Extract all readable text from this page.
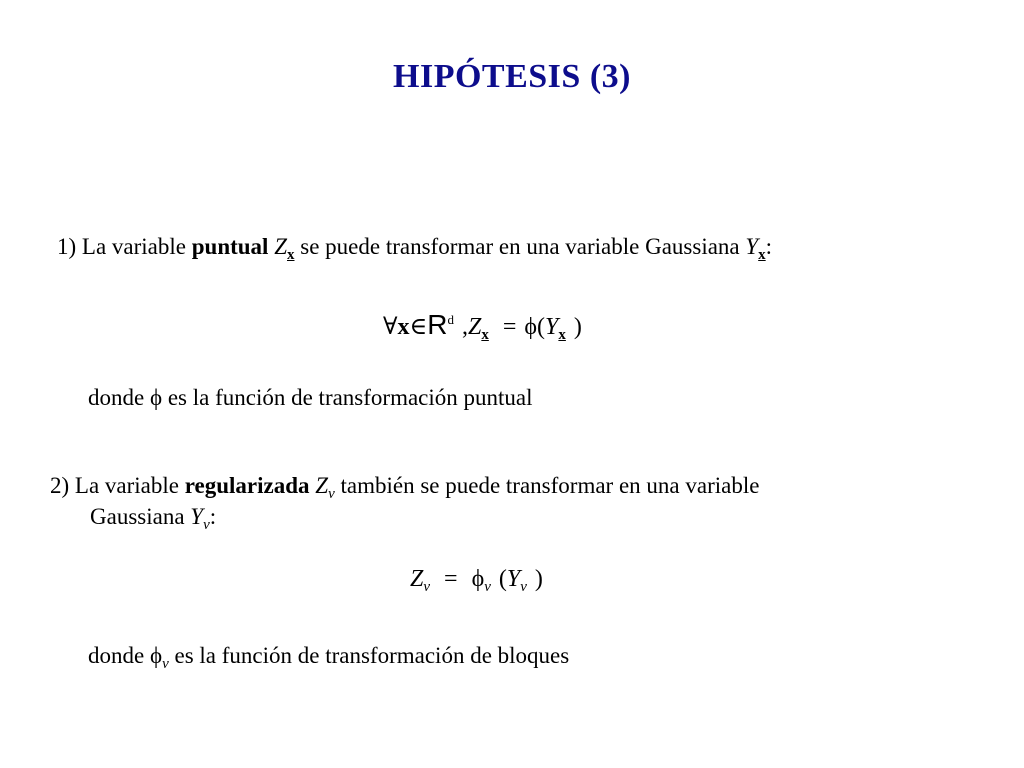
HIPÓTESIS (3)
1) La variable puntual $Z_x$ se puede transformar en una variable Gaussiana $Y_x$:
$\forall x\in R^d$ $,Z_x = \phi(Y_x$ )
donde ϕ es la función de transformación puntual
2) La variable regularizada $Z_v$ también se puede transformar en una variable
Gaussiana $Y_v$:
$Z_v = \phi_v$ ($Y_v$ )
donde $\phi_v$ es la función de transformación de bloques
